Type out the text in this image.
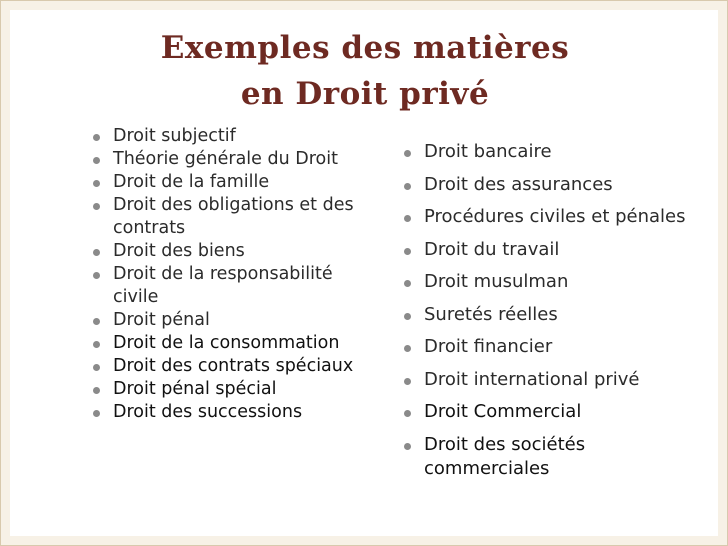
Exemples des matières
en Droit privé
Droit subjectif
Théorie générale du Droit
Droit de la famille
Droit des obligations et des contrats
Droit des biens
Droit de la responsabilité civile
Droit pénal
Droit de la consommation
Droit des contrats spéciaux
Droit pénal spécial
Droit des successions
Droit bancaire
Droit des assurances
Procédures civiles et pénales
Droit du travail
Droit musulman
Suretés réelles
Droit financier
Droit international privé
Droit Commercial
Droit des sociétés commerciales
